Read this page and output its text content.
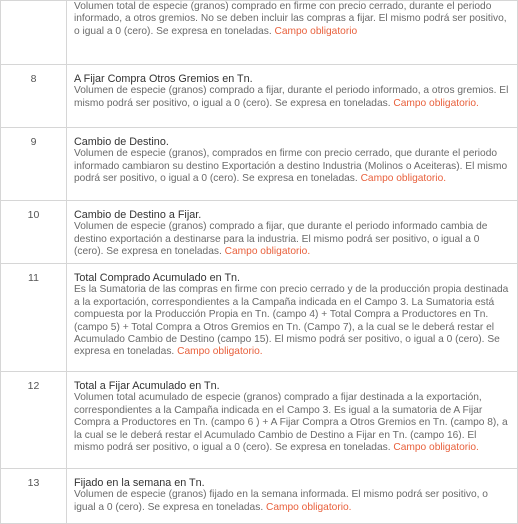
	Volumen total de especie (granos) comprado en firme con precio cerrado, durante el periodo informado, a otros gremios. No se deben incluir las compras a fijar. El mismo podrá ser positivo, o igual a 0 (cero). Se expresa en toneladas. Campo obligatorio
8	A Fijar Compra Otros Gremios en Tn.
Volumen de especie (granos) comprado a fijar, durante el periodo informado, a otros gremios. El mismo podrá ser positivo, o igual a 0 (cero). Se expresa en toneladas. Campo obligatorio.
9	Cambio de Destino.
Volumen de especie (granos), comprados en firme con precio cerrado, que durante el periodo informado cambiaron su destino Exportación a destino Industria (Molinos o Aceiteras). El mismo podrá ser positivo, o igual a 0 (cero). Se expresa en toneladas. Campo obligatorio.
10	Cambio de Destino a Fijar.
Volumen de especie (granos) comprado a fijar, que durante el periodo informado cambia de destino exportación a destinarse para la industria. El mismo podrá ser positivo, o igual a 0 (cero). Se expresa en toneladas. Campo obligatorio.
11	Total Comprado Acumulado en Tn.
Es la Sumatoria de las compras en firme con precio cerrado y de la producción propia destinada a la exportación, correspondientes a la Campaña indicada en el Campo 3. La Sumatoria está compuesta por la Producción Propia en Tn. (campo 4) + Total Compra a Productores en Tn. (campo 5) + Total Compra a Otros Gremios en Tn. (Campo 7), a la cual se le deberá restar el Acumulado Cambio de Destino (campo 15). El mismo podrá ser positivo, o igual a 0 (cero). Se expresa en toneladas. Campo obligatorio.
12	Total a Fijar Acumulado en Tn.
Volumen total acumulado de especie (granos) comprado a fijar destinada a la exportación, correspondientes a la Campaña indicada en el Campo 3. Es igual a la sumatoria de A Fijar Compra a Productores en Tn. (campo 6 ) + A Fijar Compra a Otros Gremios en Tn. (campo 8), a la cual se le deberá restar el Acumulado Cambio de Destino a Fijar en Tn. (campo 16). El mismo podrá ser positivo, o igual a 0 (cero). Se expresa en toneladas. Campo obligatorio.
13	Fijado en la semana en Tn.
Volumen de especie (granos) fijado en la semana informada. El mismo podrá ser positivo, o igual a 0 (cero). Se expresa en toneladas. Campo obligatorio.
